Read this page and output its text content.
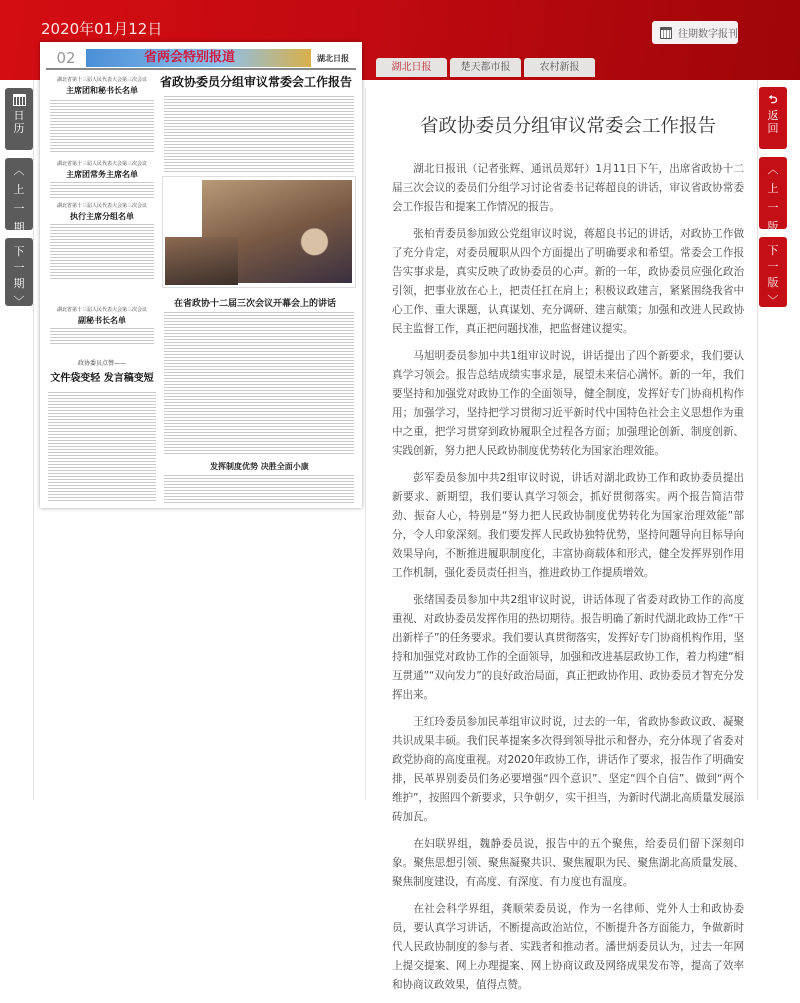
2020年01月12日	往期数字报刊
湖北日报	楚天都市报	农村新报
02	省两会特别报道	湖北日报
省政协委员分组审议常委会工作报告
湖北省第十三届人民代表大会第三次会议
主席团和秘书长名单
湖北省第十三届人民代表大会第三次会议
主席团常务主席名单
湖北省第十三届人民代表大会第三次会议
执行主席分组名单
湖北省第十三届人民代表大会第三次会议
副秘书长名单
政协委员点赞——
文件袋变轻 发言稿变短
在省政协十二届三次会议开幕会上的讲话
发挥制度优势 决胜全面小康
日历
︿
上一期
下一期
﹀
⮌
返回
︿
上一版
下一版
﹀
省政协委员分组审议常委会工作报告

湖北日报讯（记者张辉、通讯员郑轩）1月11日下午，出席省政协十二届三次会议的委员们分组学习讨论省委书记蒋超良的讲话，审议省政协常委会工作报告和提案工作情况的报告。

张柏青委员参加致公党组审议时说，蒋超良书记的讲话，对政协工作做了充分肯定，对委员履职从四个方面提出了明确要求和希望。常委会工作报告实事求是，真实反映了政协委员的心声。新的一年，政协委员应强化政治引领，把事业放在心上，把责任扛在肩上；积极议政建言，紧紧围绕我省中心工作、重大课题，认真谋划、充分调研、建言献策；加强和改进人民政协民主监督工作，真正把问题找准，把监督建议提实。

马旭明委员参加中共1组审议时说，讲话提出了四个新要求，我们要认真学习领会。报告总结成绩实事求是，展望未来信心满怀。新的一年，我们要坚持和加强党对政协工作的全面领导，健全制度，发挥好专门协商机构作用；加强学习，坚持把学习贯彻习近平新时代中国特色社会主义思想作为重中之重，把学习贯穿到政协履职全过程各方面；加强理论创新、制度创新、实践创新，努力把人民政协制度优势转化为国家治理效能。

彭军委员参加中共2组审议时说，讲话对湖北政协工作和政协委员提出新要求、新期望，我们要认真学习领会，抓好贯彻落实。两个报告简洁带劲、振奋人心，特别是“努力把人民政协制度优势转化为国家治理效能”部分，令人印象深刻。我们要发挥人民政协独特优势，坚持问题导向目标导向效果导向，不断推进履职制度化，丰富协商载体和形式，健全发挥界别作用工作机制，强化委员责任担当，推进政协工作提质增效。

张绪国委员参加中共2组审议时说，讲话体现了省委对政协工作的高度重视、对政协委员发挥作用的热切期待。报告明确了新时代湖北政协工作“干出新样子”的任务要求。我们要认真贯彻落实，发挥好专门协商机构作用，坚持和加强党对政协工作的全面领导，加强和改进基层政协工作，着力构建“相互贯通”“双向发力”的良好政治局面，真正把政协作用、政协委员才智充分发挥出来。

王红玲委员参加民革组审议时说，过去的一年，省政协参政议政、凝聚共识成果丰硕。我们民革提案多次得到领导批示和督办，充分体现了省委对政党协商的高度重视。对2020年政协工作，讲话作了要求，报告作了明确安排，民革界别委员们务必要增强“四个意识”、坚定“四个自信”、做到“两个维护”，按照四个新要求，只争朝夕，实干担当，为新时代湖北高质量发展添砖加瓦。

在妇联界组，魏静委员说，报告中的五个聚焦，给委员们留下深刻印象。聚焦思想引领、聚焦凝聚共识、聚焦履职为民、聚焦湖北高质量发展、聚焦制度建设，有高度、有深度、有力度也有温度。

在社会科学界组，龚顺荣委员说，作为一名律师、党外人士和政协委员，要认真学习讲话，不断提高政治站位，不断提升各方面能力，争做新时代人民政协制度的参与者、实践者和推动者。潘世炳委员认为，过去一年网上提交提案、网上办理提案、网上协商议政及网络成果发布等，提高了效率和协商议政效果，值得点赞。
